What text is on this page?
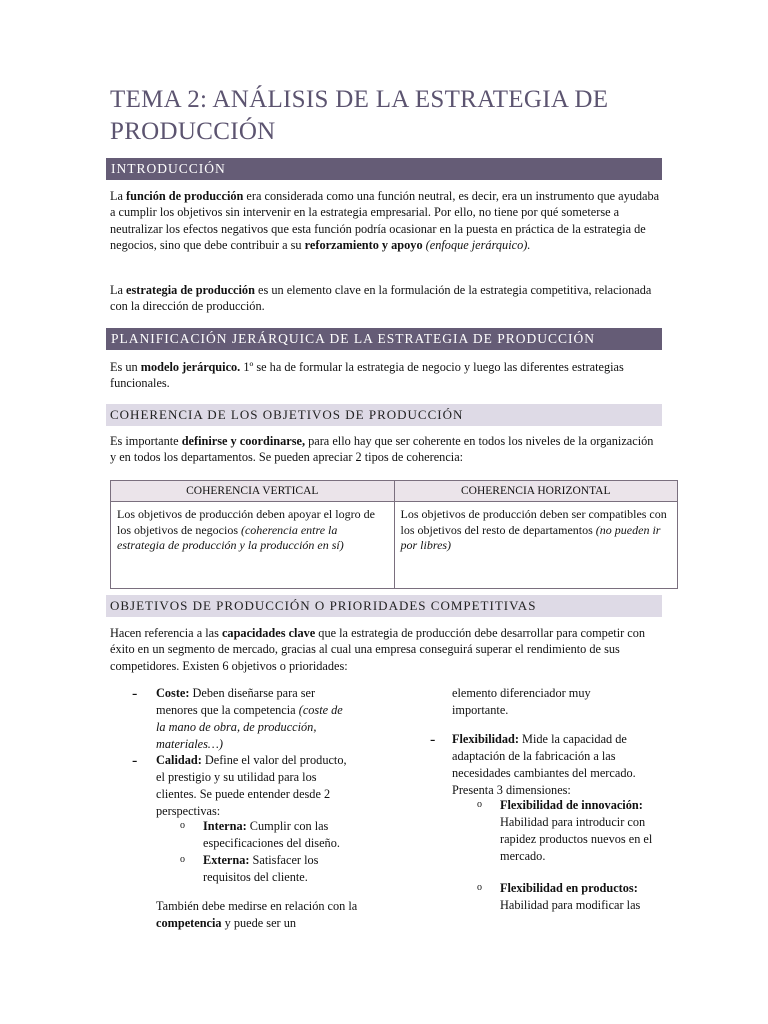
TEMA 2: ANÁLISIS DE LA ESTRATEGIA DE PRODUCCIÓN
INTRODUCCIÓN

La función de producción era considerada como una función neutral, es decir, era un instrumento que ayudaba a cumplir los objetivos sin intervenir en la estrategia empresarial. Por ello, no tiene por qué someterse a neutralizar los efectos negativos que esta función podría ocasionar en la puesta en práctica de la estrategia de negocios, sino que debe contribuir a su reforzamiento y apoyo (enfoque jerárquico).

La estrategia de producción es un elemento clave en la formulación de la estrategia competitiva, relacionada con la dirección de producción.

PLANIFICACIÓN JERÁRQUICA DE LA ESTRATEGIA DE PRODUCCIÓN

Es un modelo jerárquico. 1º se ha de formular la estrategia de negocio y luego las diferentes estrategias funcionales.

COHERENCIA DE LOS OBJETIVOS DE PRODUCCIÓN

Es importante definirse y coordinarse, para ello hay que ser coherente en todos los niveles de la organización y en todos los departamentos. Se pueden apreciar 2 tipos de coherencia:

COHERENCIA VERTICAL	COHERENCIA HORIZONTAL
Los objetivos de producción deben apoyar el logro de los objetivos de negocios (coherencia entre la estrategia de producción y la producción en sí)	Los objetivos de producción deben ser compatibles con los objetivos del resto de departamentos (no pueden ir por libres)
OBJETIVOS DE PRODUCCIÓN O PRIORIDADES COMPETITIVAS

Hacen referencia a las capacidades clave que la estrategia de producción debe desarrollar para competir con éxito en un segmento de mercado, gracias al cual una empresa conseguirá superar el rendimiento de sus competidores. Existen 6 objetivos o prioridades:

-	Coste: Deben diseñarse para ser menores que la competencia (coste de la mano de obra, de producción, materiales…)
-	Calidad: Define el valor del producto, el prestigio y su utilidad para los clientes. Se puede entender desde 2 perspectivas:
o Interna: Cumplir con las especificaciones del diseño.
o Externa: Satisfacer los requisitos del cliente.
También debe medirse en relación con la competencia y puede ser un
elemento diferenciador muy importante.
-	Flexibilidad: Mide la capacidad de adaptación de la fabricación a las necesidades cambiantes del mercado. Presenta 3 dimensiones:
o Flexibilidad de innovación: Habilidad para introducir con rapidez productos nuevos en el mercado.
o Flexibilidad en productos: Habilidad para modificar las
